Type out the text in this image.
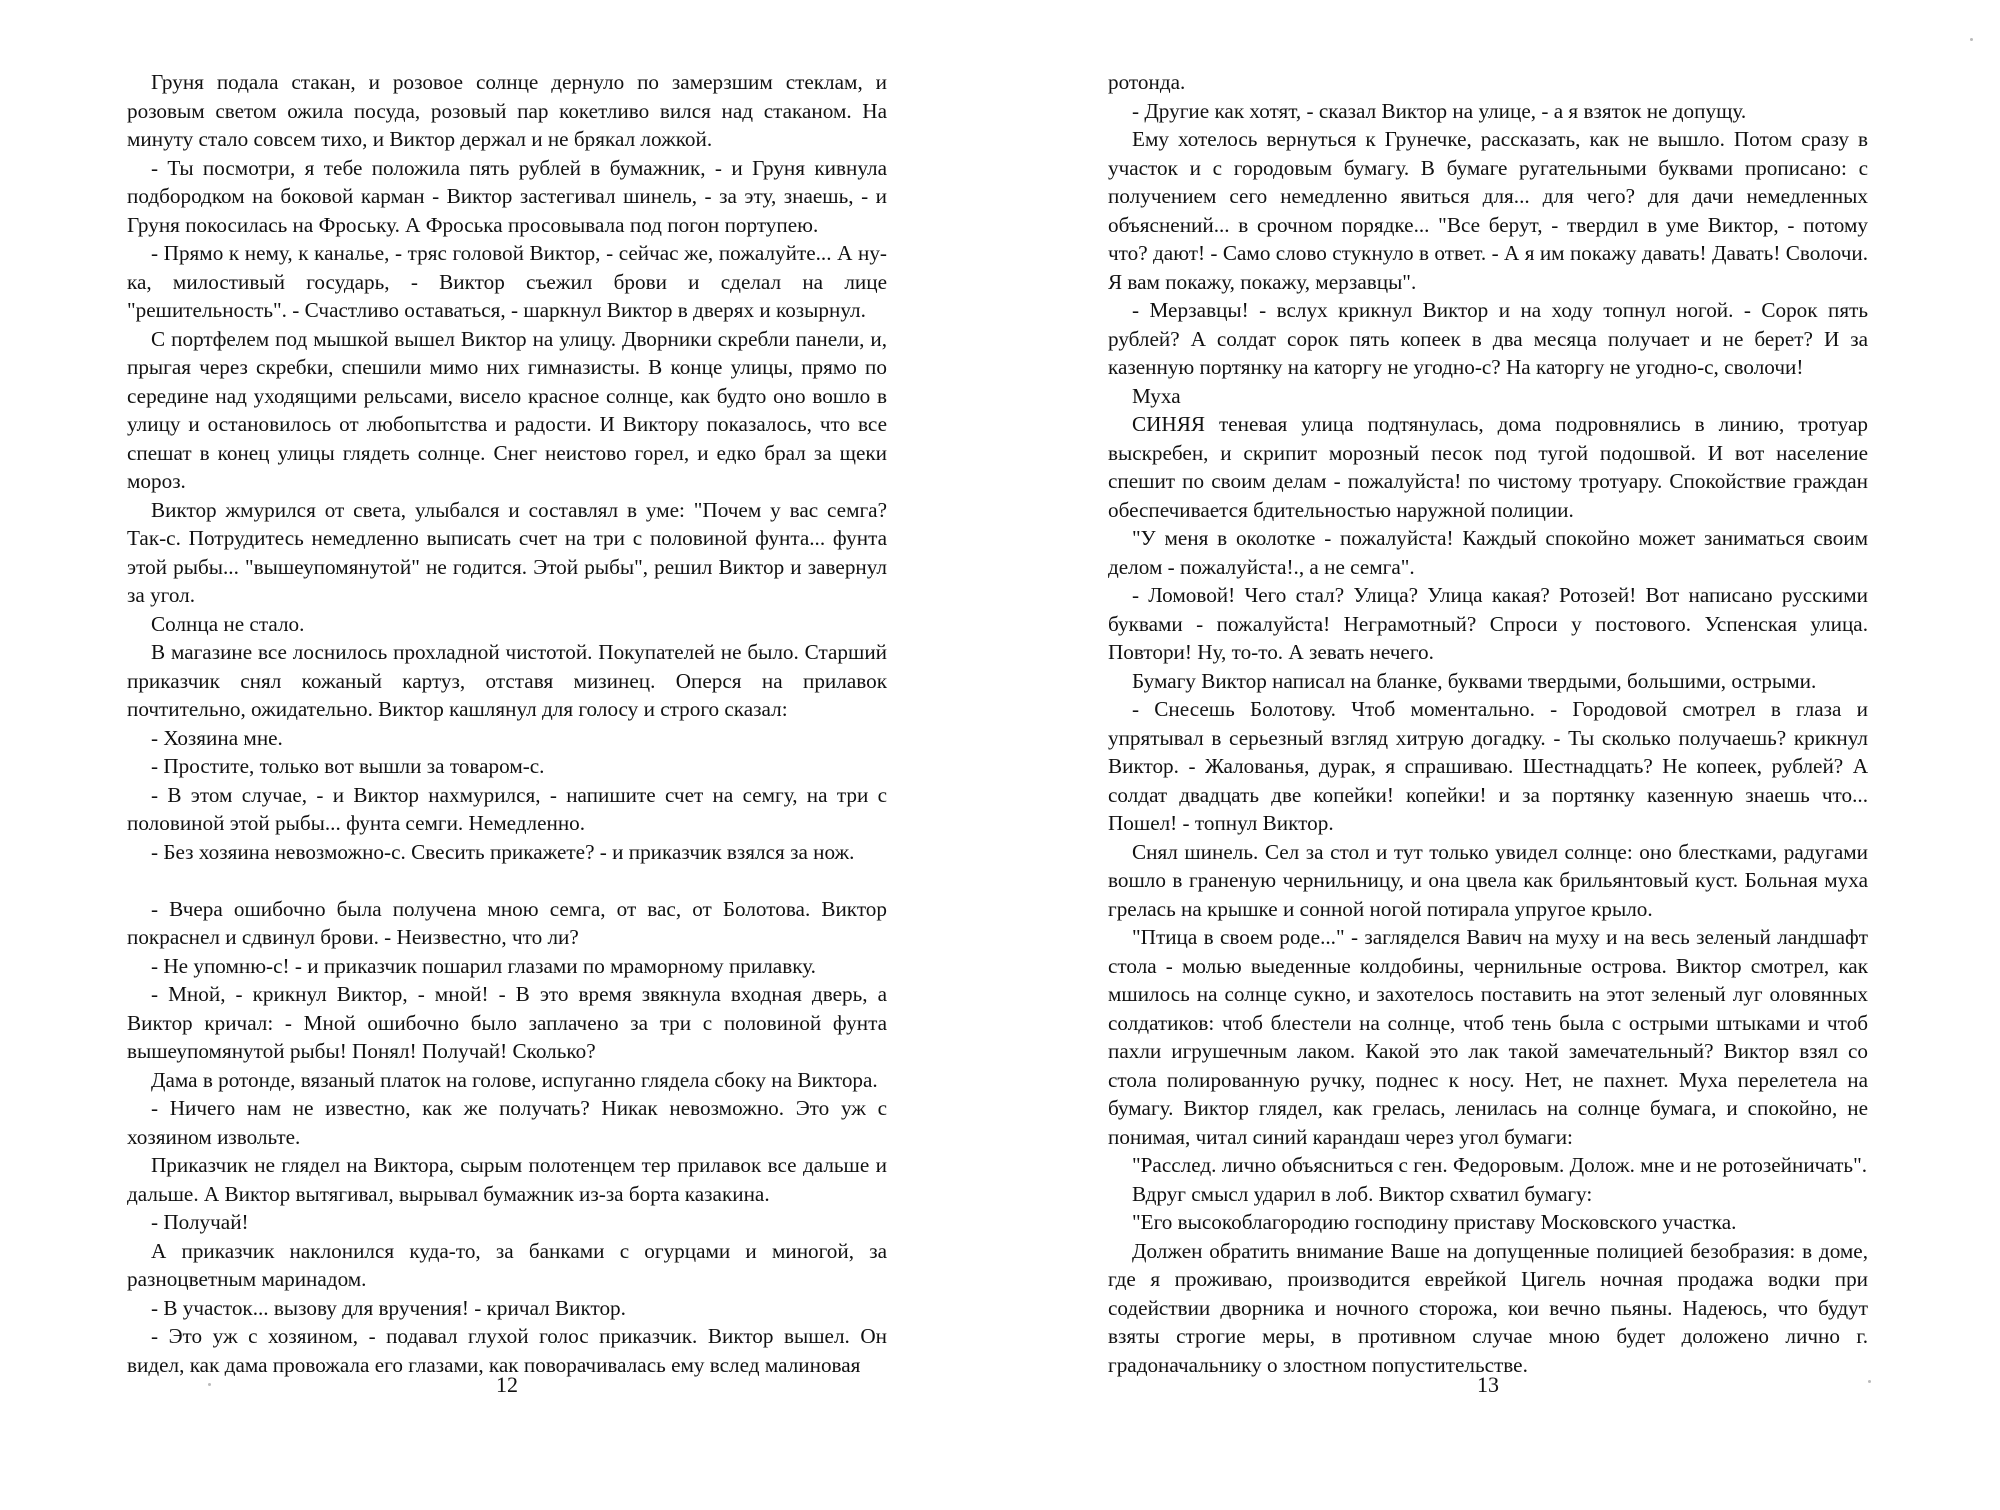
Груня подала стакан, и розовое солнце дернуло по замерзшим стеклам, и розовым светом ожила посуда, розовый пар кокетливо вился над стаканом. На минуту стало совсем тихо, и Виктор держал и не брякал ложкой.

- Ты посмотри, я тебе положила пять рублей в бумажник, - и Груня кивнула подбородком на боковой карман - Виктор застегивал шинель, - за эту, знаешь, - и Груня покосилась на Фроську. А Фроська просовывала под погон портупею.

- Прямо к нему, к каналье, - тряс головой Виктор, - сейчас же, пожалуйте... А ну-ка, милостивый государь, - Виктор съежил брови и сделал на лице "решительность". - Счастливо оставаться, - шаркнул Виктор в дверях и козырнул.

С портфелем под мышкой вышел Виктор на улицу. Дворники скребли панели, и, прыгая через скребки, спешили мимо них гимназисты. В конце улицы, прямо по середине над уходящими рельсами, висело красное солнце, как будто оно вошло в улицу и остановилось от любопытства и радости. И Виктору показалось, что все спешат в конец улицы глядеть солнце. Снег неистово горел, и едко брал за щеки мороз.

Виктор жмурился от света, улыбался и составлял в уме: "Почем у вас семга? Так-с. Потрудитесь немедленно выписать счет на три с половиной фунта... фунта этой рыбы... "вышеупомянутой" не годится. Этой рыбы", решил Виктор и завернул за угол.

Солнца не стало.

В магазине все лоснилось прохладной чистотой. Покупателей не было. Старший приказчик снял кожаный картуз, отставя мизинец. Оперся на прилавок почтительно, ожидательно. Виктор кашлянул для голосу и строго сказал:

- Хозяина мне.

- Простите, только вот вышли за товаром-с.

- В этом случае, - и Виктор нахмурился, - напишите счет на семгу, на три с половиной этой рыбы... фунта семги. Немедленно.

- Без хозяина невозможно-с. Свесить прикажете? - и приказчик взялся за нож.

- Вчера ошибочно была получена мною семга, от вас, от Болотова. Виктор покраснел и сдвинул брови. - Неизвестно, что ли?

- Не упомню-с! - и приказчик пошарил глазами по мраморному прилавку.

- Мной, - крикнул Виктор, - мной! - В это время звякнула входная дверь, а Виктор кричал: - Мной ошибочно было заплачено за три с половиной фунта вышеупомянутой рыбы! Понял! Получай! Сколько?

Дама в ротонде, вязаный платок на голове, испуганно глядела сбоку на Виктора.

- Ничего нам не известно, как же получать? Никак невозможно. Это уж с хозяином извольте.

Приказчик не глядел на Виктора, сырым полотенцем тер прилавок все дальше и дальше. А Виктор вытягивал, вырывал бумажник из-за борта казакина.

- Получай!

А приказчик наклонился куда-то, за банками с огурцами и миногой, за разноцветным маринадом.

- В участок... вызову для вручения! - кричал Виктор.

- Это уж с хозяином, - подавал глухой голос приказчик. Виктор вышел. Он видел, как дама провожала его глазами, как поворачивалась ему вслед малиновая

12

ротонда.

- Другие как хотят, - сказал Виктор на улице, - а я взяток не допущу.

Ему хотелось вернуться к Грунечке, рассказать, как не вышло. Потом сразу в участок и с городовым бумагу. В бумаге ругательными буквами прописано: с получением сего немедленно явиться для... для чего? для дачи немедленных объяснений... в срочном порядке... "Все берут, - твердил в уме Виктор, - потому что? дают! - Само слово стукнуло в ответ. - А я им покажу давать! Давать! Сволочи. Я вам покажу, покажу, мерзавцы".

- Мерзавцы! - вслух крикнул Виктор и на ходу топнул ногой. - Сорок пять рублей? А солдат сорок пять копеек в два месяца получает и не берет? И за казенную портянку на каторгу не угодно-с? На каторгу не угодно-с, сволочи!

Муха

СИНЯЯ теневая улица подтянулась, дома подровнялись в линию, тротуар выскребен, и скрипит морозный песок под тугой подошвой. И вот население спешит по своим делам - пожалуйста! по чистому тротуару. Спокойствие граждан обеспечивается бдительностью наружной полиции.

"У меня в околотке - пожалуйста! Каждый спокойно может заниматься своим делом - пожалуйста!., а не семга".

- Ломовой! Чего стал? Улица? Улица какая? Ротозей! Вот написано русскими буквами - пожалуйста! Неграмотный? Спроси у постового. Успенская улица. Повтори! Ну, то-то. А зевать нечего.

Бумагу Виктор написал на бланке, буквами твердыми, большими, острыми.

- Снесешь Болотову. Чтоб моментально. - Городовой смотрел в глаза и упрятывал в серьезный взгляд хитрую догадку. - Ты сколько получаешь? крикнул Виктор. - Жалованья, дурак, я спрашиваю. Шестнадцать? Не копеек, рублей? А солдат двадцать две копейки! копейки! и за портянку казенную знаешь что... Пошел! - топнул Виктор.

Снял шинель. Сел за стол и тут только увидел солнце: оно блестками, радугами вошло в граненую чернильницу, и она цвела как брильянтовый куст. Больная муха грелась на крышке и сонной ногой потирала упругое крыло.

"Птица в своем роде..." - загляделся Вавич на муху и на весь зеленый ландшафт стола - молью выеденные колдобины, чернильные острова. Виктор смотрел, как мшилось на солнце сукно, и захотелось поставить на этот зеленый луг оловянных солдатиков: чтоб блестели на солнце, чтоб тень была с острыми штыками и чтоб пахли игрушечным лаком. Какой это лак такой замечательный? Виктор взял со стола полированную ручку, поднес к носу. Нет, не пахнет. Муха перелетела на бумагу. Виктор глядел, как грелась, ленилась на солнце бумага, и спокойно, не понимая, читал синий карандаш через угол бумаги:

"Расслед. лично объясниться с ген. Федоровым. Долож. мне и не ротозейничать".

Вдруг смысл ударил в лоб. Виктор схватил бумагу:

"Его высокоблагородию господину приставу Московского участка.

Должен обратить внимание Ваше на допущенные полицией безобразия: в доме, где я проживаю, производится еврейкой Цигель ночная продажа водки при содействии дворника и ночного сторожа, кои вечно пьяны. Надеюсь, что будут взяты строгие меры, в противном случае мною будет доложено лично г. градоначальнику о злостном попустительстве.

13
